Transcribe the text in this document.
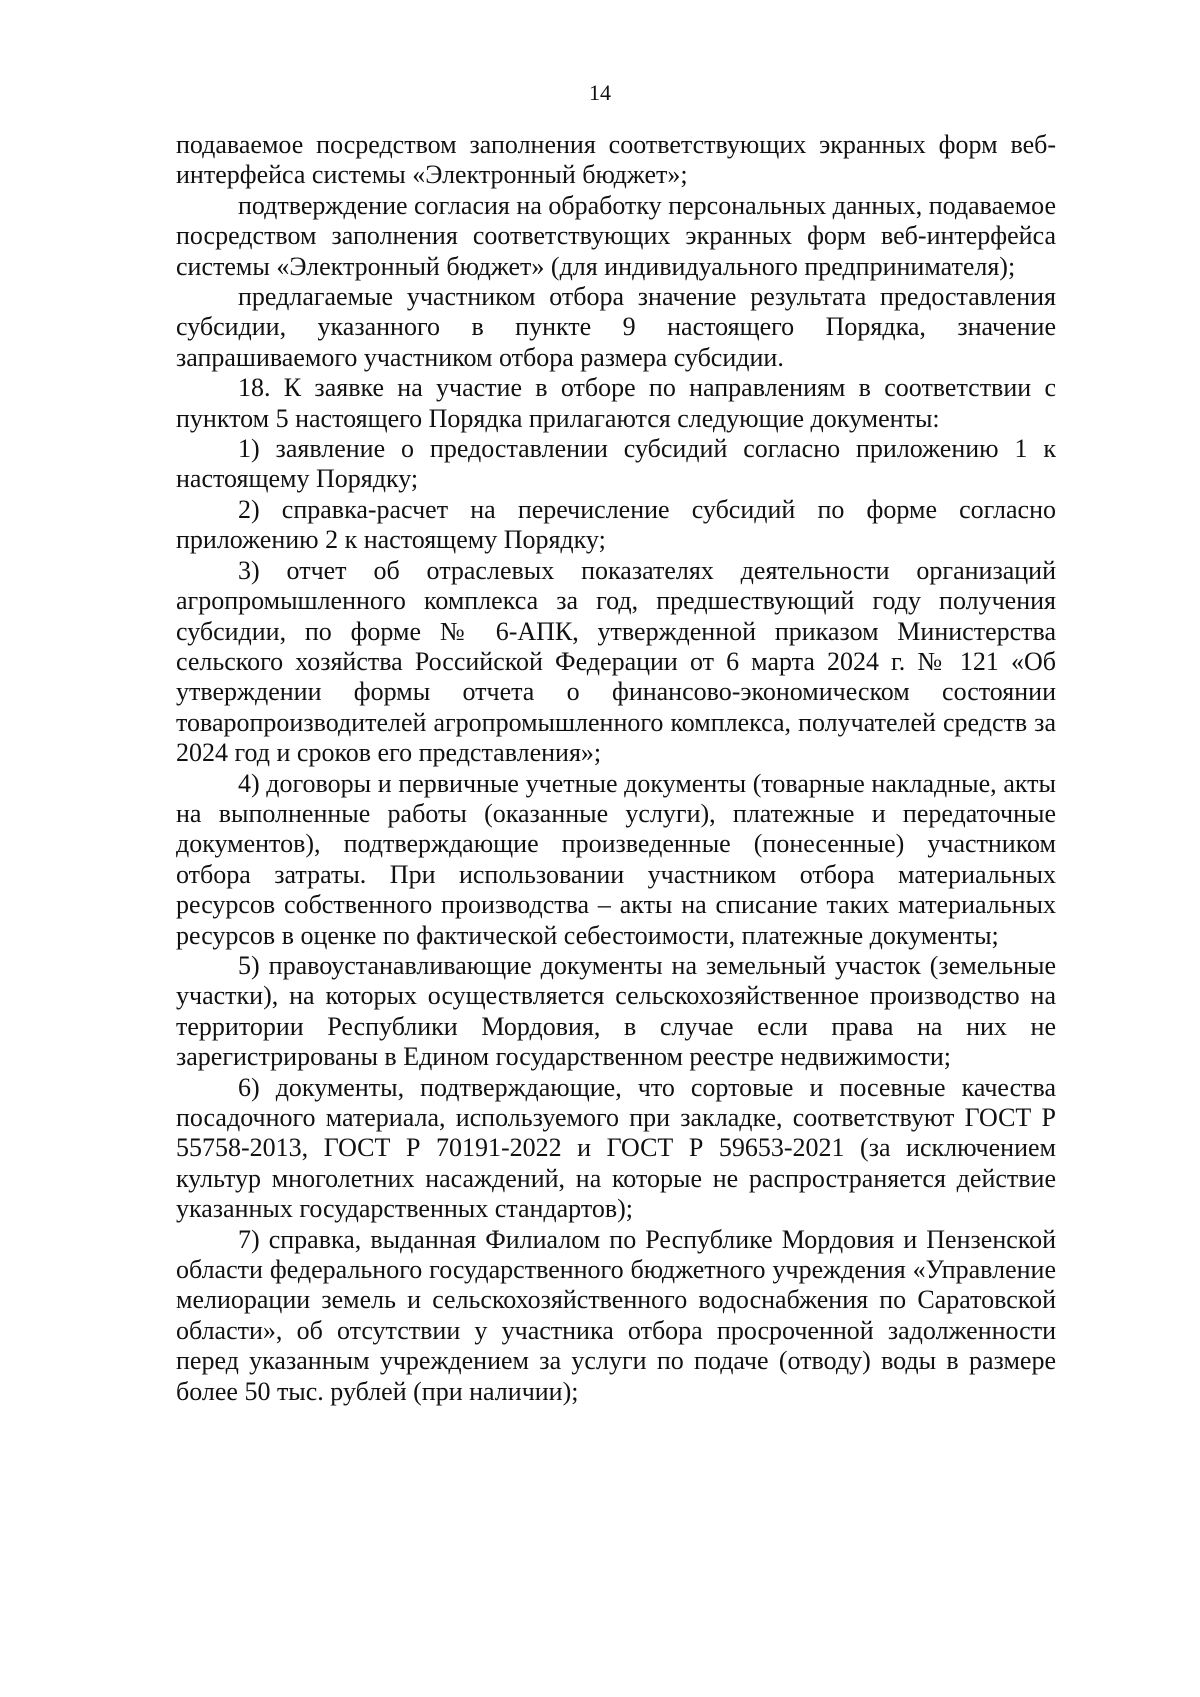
14

подаваемое посредством заполнения соответствующих экранных форм веб-интерфейса системы «Электронный бюджет»;

подтверждение согласия на обработку персональных данных, подаваемое посредством заполнения соответствующих экранных форм веб-интерфейса системы «Электронный бюджет» (для индивидуального предпринимателя);

предлагаемые участником отбора значение результата предоставления субсидии, указанного в пункте 9 настоящего Порядка, значение запрашиваемого участником отбора размера субсидии.

18. К заявке на участие в отборе по направлениям в соответствии с пунктом 5 настоящего Порядка прилагаются следующие документы:

1) заявление о предоставлении субсидий согласно приложению 1 к настоящему Порядку;

2) справка-расчет на перечисление субсидий по форме согласно приложению 2 к настоящему Порядку;

3) отчет об отраслевых показателях деятельности организаций агропромышленного комплекса за год, предшествующий году получения субсидии, по форме № 6-АПК, утвержденной приказом Министерства сельского хозяйства Российской Федерации от 6 марта 2024 г. № 121 «Об утверждении формы отчета о финансово-экономическом состоянии товаропроизводителей агропромышленного комплекса, получателей средств за 2024 год и сроков его представления»;

4) договоры и первичные учетные документы (товарные накладные, акты на выполненные работы (оказанные услуги), платежные и передаточные документов), подтверждающие произведенные (понесенные) участником отбора затраты. При использовании участником отбора материальных ресурсов собственного производства – акты на списание таких материальных ресурсов в оценке по фактической себестоимости, платежные документы;

5) правоустанавливающие документы на земельный участок (земельные участки), на которых осуществляется сельскохозяйственное производство на территории Республики Мордовия, в случае если права на них не зарегистрированы в Едином государственном реестре недвижимости;

6) документы, подтверждающие, что сортовые и посевные качества посадочного материала, используемого при закладке, соответствуют ГОСТ Р 55758-2013, ГОСТ Р 70191-2022 и ГОСТ Р 59653-2021 (за исключением культур многолетних насаждений, на которые не распространяется действие указанных государственных стандартов);

7) справка, выданная Филиалом по Республике Мордовия и Пензенской области федерального государственного бюджетного учреждения «Управление мелиорации земель и сельскохозяйственного водоснабжения по Саратовской области», об отсутствии у участника отбора просроченной задолженности перед указанным учреждением за услуги по подаче (отводу) воды в размере более 50 тыс. рублей (при наличии);
